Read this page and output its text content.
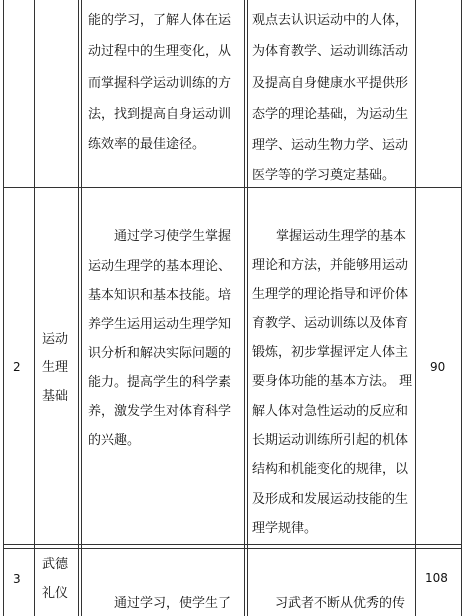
能的学习，了解人体在运
动过程中的生理变化，从
而掌握科学运动训练的方
法，找到提高自身运动训
练效率的最佳途径。
观点去认识运动中的人体，
为体育教学、运动训练活动
及提高自身健康水平提供形
态学的理论基础，为运动生
理学、运动生物力学、运动
医学等的学习奠定基础。
2
运动
生理
基础
通过学习使学生掌握
运动生理学的基本理论、
基本知识和基本技能。培
养学生运用运动生理学知
识分析和解决实际问题的
能力。提高学生的科学素
养，激发学生对体育科学
的兴趣。
掌握运动生理学的基本
理论和方法，并能够用运动
生理学的理论指导和评价体
育教学、运动训练以及体育
锻炼，初步掌握评定人体主
要身体功能的基本方法。 理
解人体对急性运动的反应和
长期运动训练所引起的机体
结构和机能变化的规律，以
及形成和发展运动技能的生
理学规律。
90
3
武德
礼仪
通过学习，使学生了	习武者不断从优秀的传
108
